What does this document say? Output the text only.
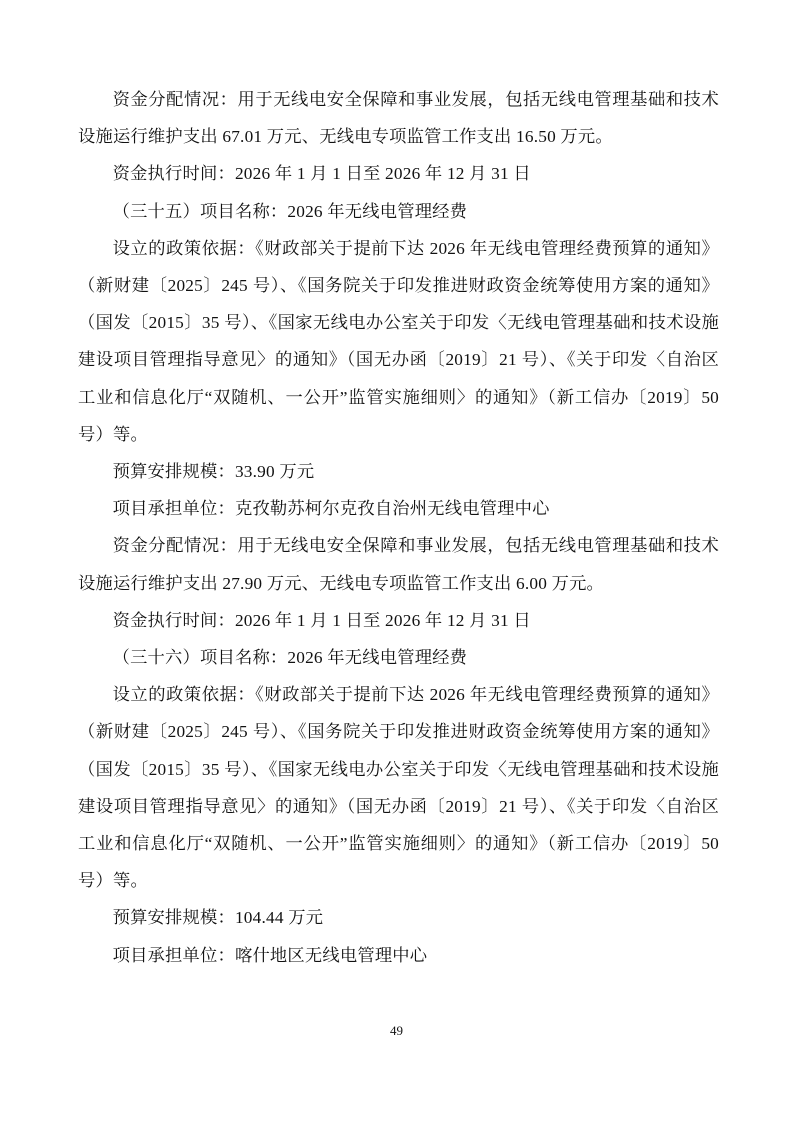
资金分配情况：用于无线电安全保障和事业发展，包括无线电管理基础和技术设施运行维护支出 67.01 万元、无线电专项监管工作支出 16.50 万元。

资金执行时间：2026 年 1 月 1 日至 2026 年 12 月 31 日

（三十五）项目名称：2026 年无线电管理经费

设立的政策依据：《财政部关于提前下达 2026 年无线电管理经费预算的通知》（新财建〔2025〕245 号）、《国务院关于印发推进财政资金统筹使用方案的通知》（国发〔2015〕35 号）、《国家无线电办公室关于印发〈无线电管理基础和技术设施建设项目管理指导意见〉的通知》（国无办函〔2019〕21 号）、《关于印发〈自治区工业和信息化厅“双随机、一公开”监管实施细则〉的通知》（新工信办〔2019〕50 号）等。

预算安排规模：33.90 万元

项目承担单位：克孜勒苏柯尔克孜自治州无线电管理中心

资金分配情况：用于无线电安全保障和事业发展，包括无线电管理基础和技术设施运行维护支出 27.90 万元、无线电专项监管工作支出 6.00 万元。

资金执行时间：2026 年 1 月 1 日至 2026 年 12 月 31 日

（三十六）项目名称：2026 年无线电管理经费

设立的政策依据：《财政部关于提前下达 2026 年无线电管理经费预算的通知》（新财建〔2025〕245 号）、《国务院关于印发推进财政资金统筹使用方案的通知》（国发〔2015〕35 号）、《国家无线电办公室关于印发〈无线电管理基础和技术设施建设项目管理指导意见〉的通知》（国无办函〔2019〕21 号）、《关于印发〈自治区工业和信息化厅“双随机、一公开”监管实施细则〉的通知》（新工信办〔2019〕50 号）等。

预算安排规模：104.44 万元

项目承担单位：喀什地区无线电管理中心

49
